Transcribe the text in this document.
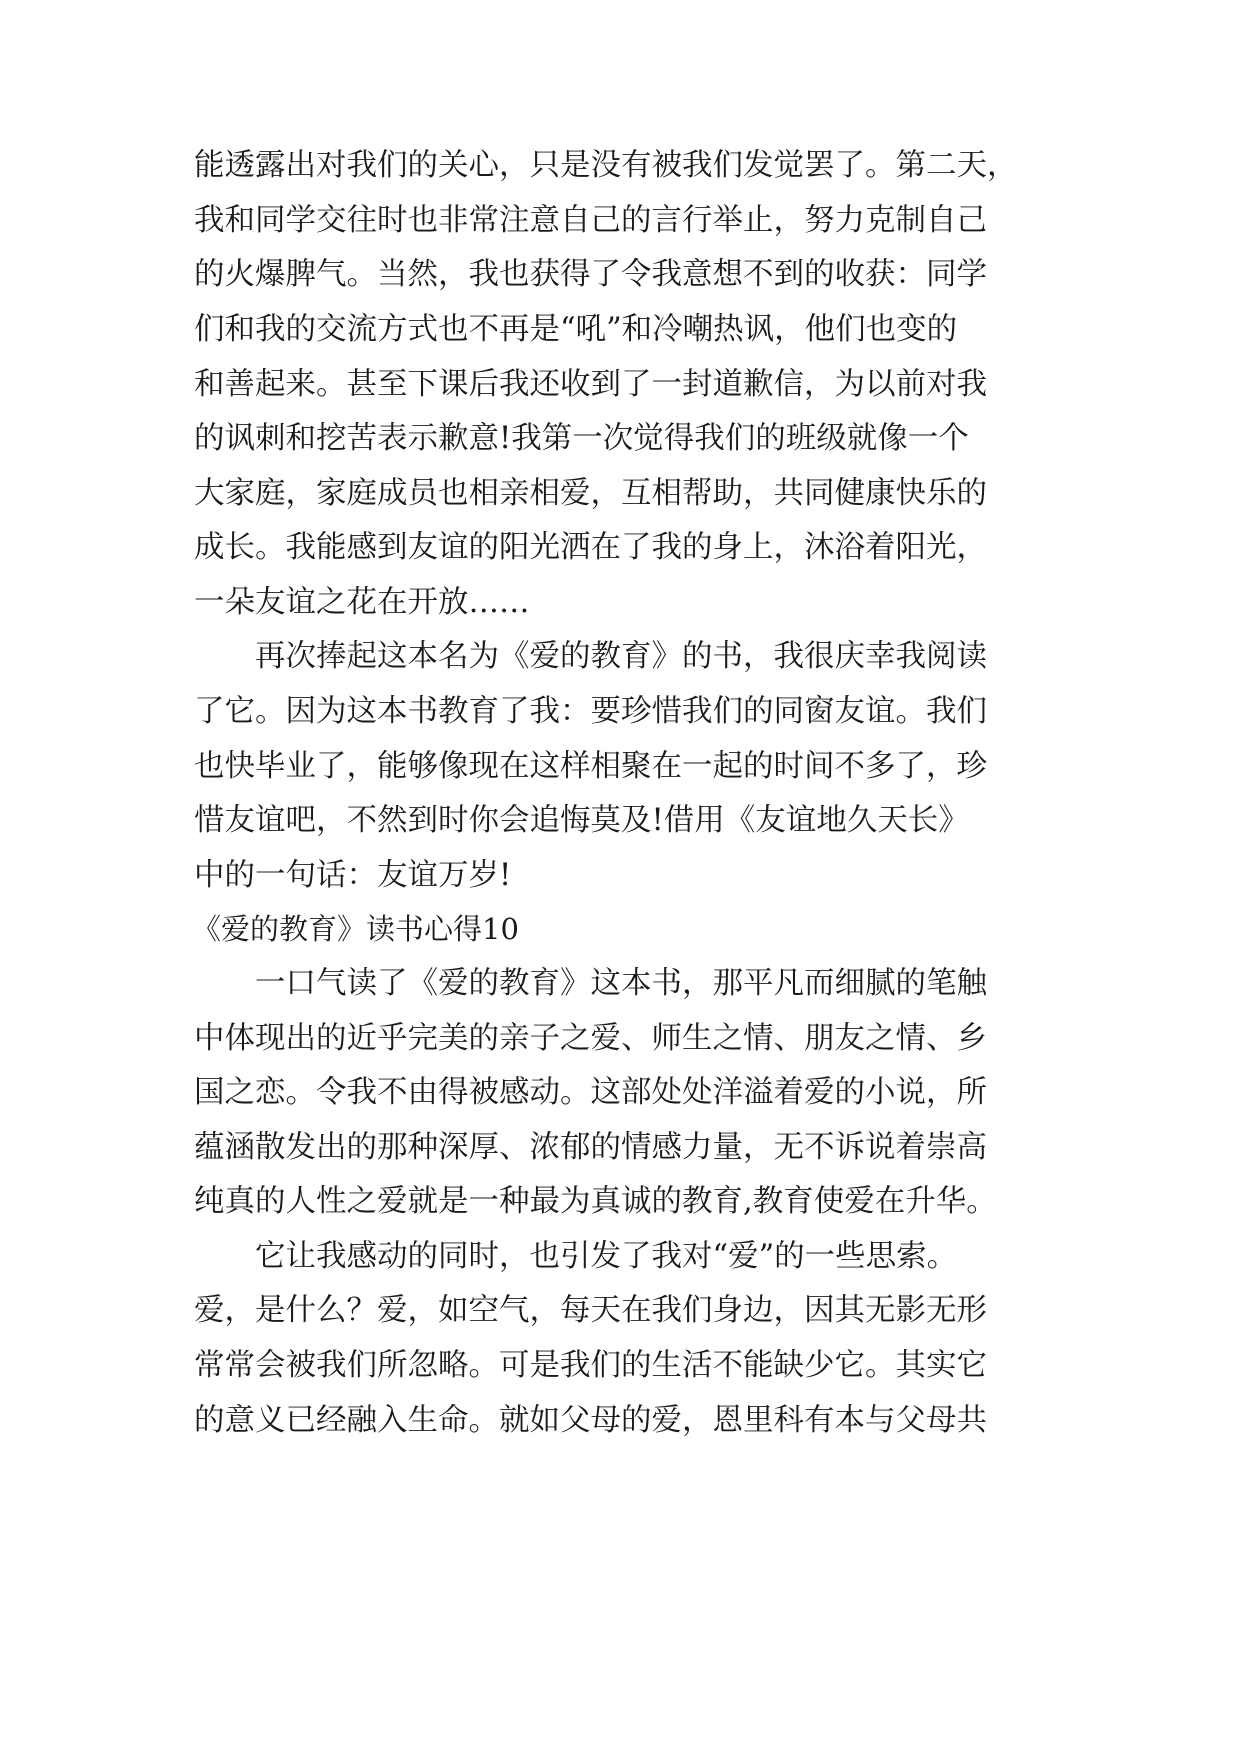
能透露出对我们的关心，只是没有被我们发觉罢了。第二天，
我和同学交往时也非常注意自己的言行举止，努力克制自己
的火爆脾气。当然，我也获得了令我意想不到的收获：同学
们和我的交流方式也不再是“吼”和冷嘲热讽，他们也变的
和善起来。甚至下课后我还收到了一封道歉信，为以前对我
的讽刺和挖苦表示歉意!我第一次觉得我们的班级就像一个
大家庭，家庭成员也相亲相爱，互相帮助，共同健康快乐的
成长。我能感到友谊的阳光洒在了我的身上，沐浴着阳光，
一朵友谊之花在开放……
再次捧起这本名为《爱的教育》的书，我很庆幸我阅读
了它。因为这本书教育了我：要珍惜我们的同窗友谊。我们
也快毕业了，能够像现在这样相聚在一起的时间不多了，珍
惜友谊吧，不然到时你会追悔莫及!借用《友谊地久天长》
中的一句话：友谊万岁!
《爱的教育》读书心得10
一口气读了《爱的教育》这本书，那平凡而细腻的笔触
中体现出的近乎完美的亲子之爱、师生之情、朋友之情、乡
国之恋。令我不由得被感动。这部处处洋溢着爱的小说，所
蕴涵散发出的那种深厚、浓郁的情感力量，无不诉说着崇高
纯真的人性之爱就是一种最为真诚的教育,教育使爱在升华。
它让我感动的同时，也引发了我对“爱”的一些思索。
爱，是什么？爱，如空气，每天在我们身边，因其无影无形
常常会被我们所忽略。可是我们的生活不能缺少它。其实它
的意义已经融入生命。就如父母的爱，恩里科有本与父母共
